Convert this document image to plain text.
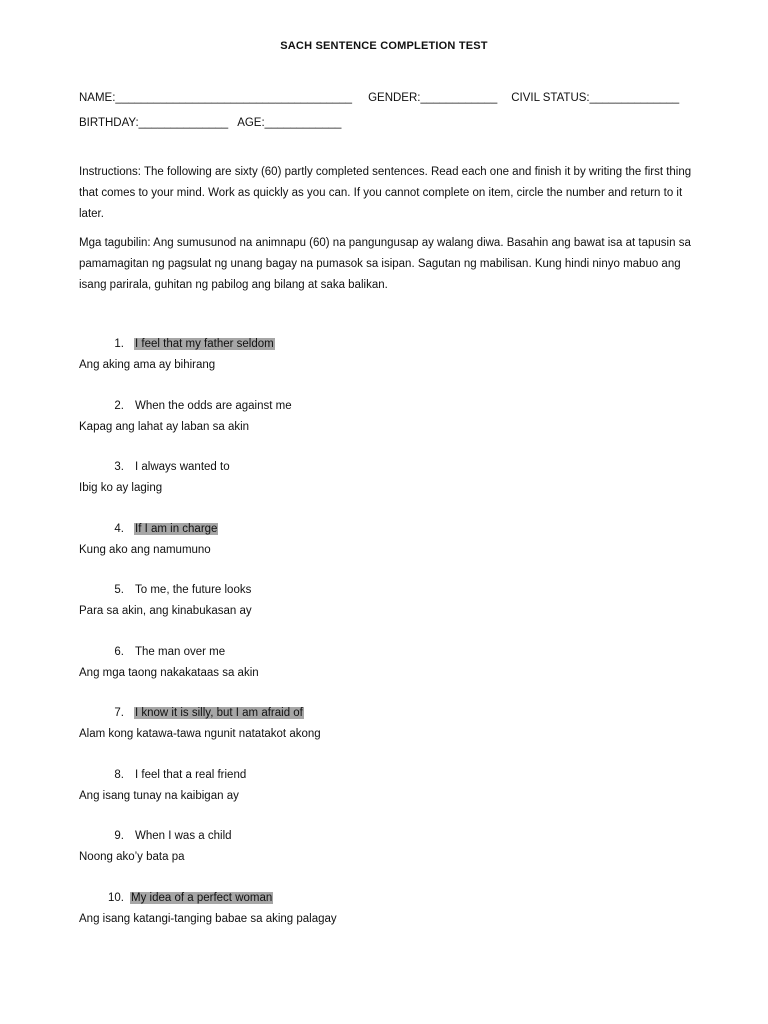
SACH SENTENCE COMPLETION TEST
NAME:_____________________________________ GENDER:____________ CIVIL STATUS:______________
BIRTHDAY:______________ AGE:____________
Instructions: The following are sixty (60) partly completed sentences. Read each one and finish it by writing the first thing that comes to your mind. Work as quickly as you can. If you cannot complete on item, circle the number and return to it later.
Mga tagubilin: Ang sumusunod na animnapu (60) na pangungusap ay walang diwa. Basahin ang bawat isa at tapusin sa pamamagitan ng pagsulat ng unang bagay na pumasok sa isipan. Sagutan ng mabilisan. Kung hindi ninyo mabuo ang isang parirala, guhitan ng pabilog ang bilang at saka balikan.
1. I feel that my father seldom
Ang aking ama ay bihirang
2. When the odds are against me
Kapag ang lahat ay laban sa akin
3. I always wanted to
Ibig ko ay laging
4. If I am in charge
Kung ako ang namumuno
5. To me, the future looks
Para sa akin, ang kinabukasan ay
6. The man over me
Ang mga taong nakakataas sa akin
7. I know it is silly, but I am afraid of
Alam kong katawa-tawa ngunit natatakot akong
8. I feel that a real friend
Ang isang tunay na kaibigan ay
9. When I was a child
Noong ako’y bata pa
10. My idea of a perfect woman
Ang isang katangi-tanging babae sa aking palagay
